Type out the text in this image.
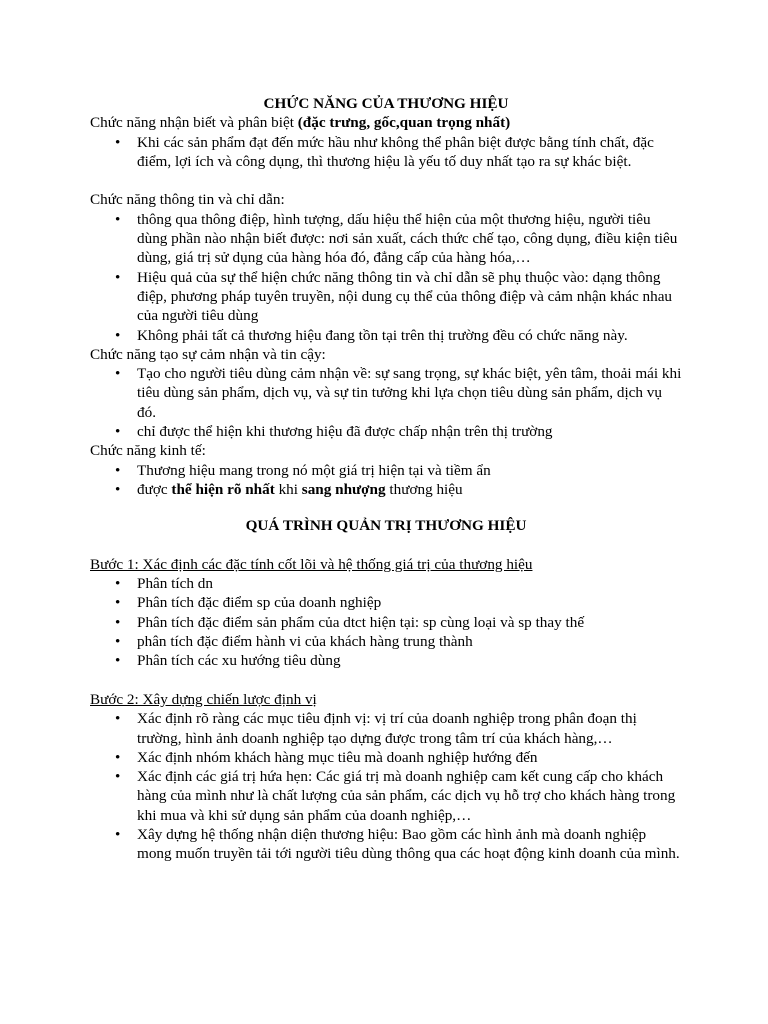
CHỨC NĂNG CỦA THƯƠNG HIỆU

Chức năng nhận biết và phân biệt (đặc trưng, gốc,quan trọng nhất)

• Khi các sản phẩm đạt đến mức hầu như không thể phân biệt được bằng tính chất, đặc điểm, lợi ích và công dụng, thì thương hiệu là yếu tố duy nhất tạo ra sự khác biệt.

Chức năng thông tin và chỉ dẫn:

• thông qua thông điệp, hình tượng, dấu hiệu thể hiện của một thương hiệu, người tiêu dùng phần nào nhận biết được: nơi sản xuất, cách thức chế tạo, công dụng, điều kiện tiêu dùng, giá trị sử dụng của hàng hóa đó, đẳng cấp của hàng hóa,…
• Hiệu quả của sự thể hiện chức năng thông tin và chỉ dẫn sẽ phụ thuộc vào: dạng thông điệp, phương pháp tuyên truyền, nội dung cụ thể của thông điệp và cảm nhận khác nhau của người tiêu dùng
• Không phải tất cả thương hiệu đang tồn tại trên thị trường đều có chức năng này.

Chức năng tạo sự cảm nhận và tin cậy:

• Tạo cho người tiêu dùng cảm nhận về: sự sang trọng, sự khác biệt, yên tâm, thoải mái khi tiêu dùng sản phẩm, dịch vụ, và sự tin tưởng khi lựa chọn tiêu dùng sản phẩm, dịch vụ đó.
• chỉ được thể hiện khi thương hiệu đã được chấp nhận trên thị trường

Chức năng kinh tế:

• Thương hiệu mang trong nó một giá trị hiện tại và tiềm ẩn
• được thể hiện rõ nhất khi sang nhượng thương hiệu
QUÁ TRÌNH QUẢN TRỊ THƯƠNG HIỆU

Bước 1: Xác định các đặc tính cốt lõi và hệ thống giá trị của thương hiệu

• Phân tích dn
• Phân tích đặc điểm sp của doanh nghiệp
• Phân tích đặc điểm sản phẩm của dtct hiện tại: sp cùng loại và sp thay thế
• phân tích đặc điểm hành vi của khách hàng trung thành
• Phân tích các xu hướng tiêu dùng

Bước 2: Xây dựng chiến lược định vị

• Xác định rõ ràng các mục tiêu định vị: vị trí của doanh nghiệp trong phân đoạn thị trường, hình ảnh doanh nghiệp tạo dựng được trong tâm trí của khách hàng,…
• Xác định nhóm khách hàng mục tiêu mà doanh nghiệp hướng đến
• Xác định các giá trị hứa hẹn: Các giá trị mà doanh nghiệp cam kết cung cấp cho khách hàng của mình như là chất lượng của sản phẩm, các dịch vụ hỗ trợ cho khách hàng trong khi mua và khi sử dụng sản phẩm của doanh nghiệp,…
• Xây dựng hệ thống nhận diện thương hiệu: Bao gồm các hình ảnh mà doanh nghiệp mong muốn truyền tải tới người tiêu dùng thông qua các hoạt động kinh doanh của mình.
